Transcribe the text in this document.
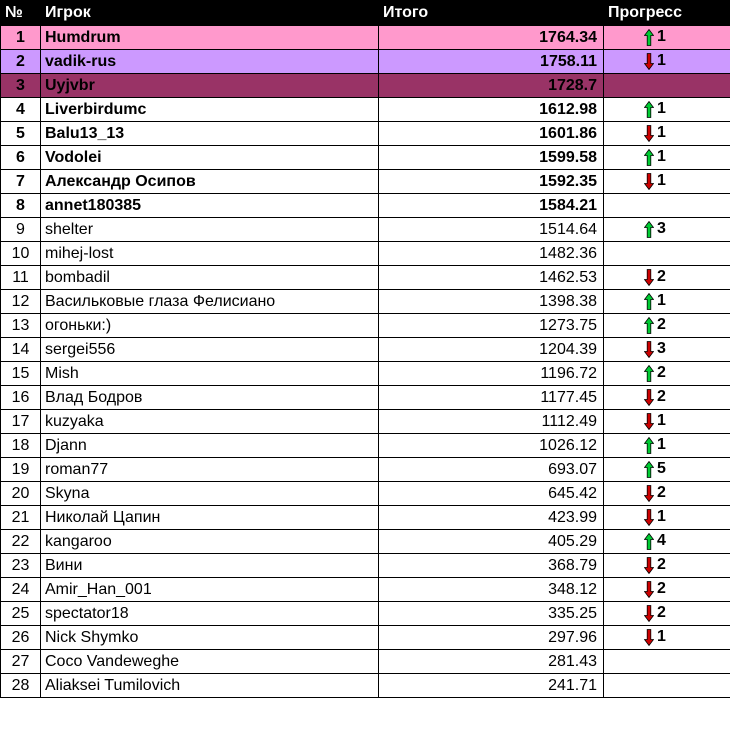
№	Игрок	Итого	Прогресс
1	Humdrum	1764.34	1
2	vadik-rus	1758.11	1
3	Uyjvbr	1728.7	
4	Liverbirdumc	1612.98	1
5	Balu13_13	1601.86	1
6	Vodolei	1599.58	1
7	Александр Осипов	1592.35	1
8	annet180385	1584.21	
9	shelter	1514.64	3
10	mihej-lost	1482.36	
11	bombadil	1462.53	2
12	Васильковые глаза Фелисиано	1398.38	1
13	огоньки:)	1273.75	2
14	sergei556	1204.39	3
15	Mish	1196.72	2
16	Влад Бодров	1177.45	2
17	kuzyaka	1112.49	1
18	Djann	1026.12	1
19	roman77	693.07	5
20	Skyna	645.42	2
21	Николай Цапин	423.99	1
22	kangaroo	405.29	4
23	Вини	368.79	2
24	Amir_Han_001	348.12	2
25	spectator18	335.25	2
26	Nick Shymko	297.96	1
27	Coco Vandeweghe	281.43	
28	Aliaksei Tumilovich	241.71	
